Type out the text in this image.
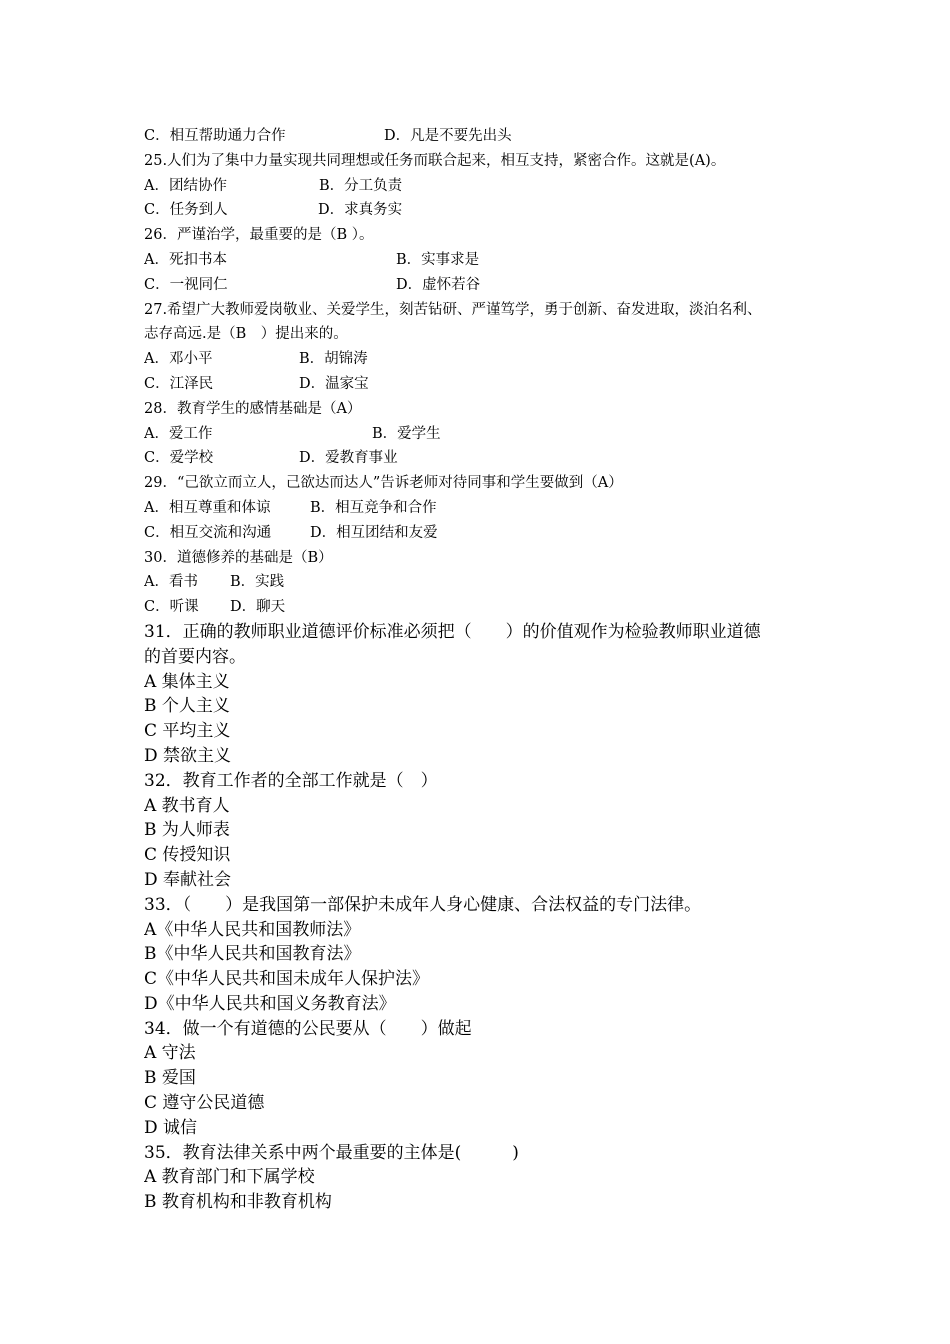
C．相互帮助通力合作	D．凡是不要先出头
25.人们为了集中力量实现共同理想或任务而联合起来，相互支持，紧密合作。这就是(A)。
A．团结协作	B．分工负责
C．任务到人	D．求真务实
26．严谨治学，最重要的是（B ）。
A．死扣书本	B．实事求是
C．一视同仁	D．虚怀若谷
27.希望广大教师爱岗敬业、关爱学生，刻苦钻研、严谨笃学，勇于创新、奋发进取，淡泊名利、
志存高远.是（B　）提出来的。
A．邓小平	B．胡锦涛
C．江泽民	D．温家宝
28．教育学生的感情基础是（A）
A．爱工作	B．爱学生
C．爱学校	D．爱教育事业
29．“己欲立而立人，己欲达而达人”告诉老师对待同事和学生要做到（A）
A．相互尊重和体谅	B．相互竞争和合作
C．相互交流和沟通	D．相互团结和友爱
30．道德修养的基础是（B）
A．看书 B．实践
C．听课 D．聊天
31．正确的教师职业道德评价标准必须把（　　）的价值观作为检验教师职业道德
的首要内容。
A 集体主义
B 个人主义
C 平均主义
D 禁欲主义
32．教育工作者的全部工作就是（　）
A 教书育人
B 为人师表
C 传授知识
D 奉献社会
33．（　　）是我国第一部保护未成年人身心健康、合法权益的专门法律。
A《中华人民共和国教师法》
B《中华人民共和国教育法》
C《中华人民共和国未成年人保护法》
D《中华人民共和国义务教育法》
34．做一个有道德的公民要从（　　）做起
A 守法
B 爱国
C 遵守公民道德
D 诚信
35．教育法律关系中两个最重要的主体是(　　　)
A 教育部门和下属学校
B 教育机构和非教育机构
